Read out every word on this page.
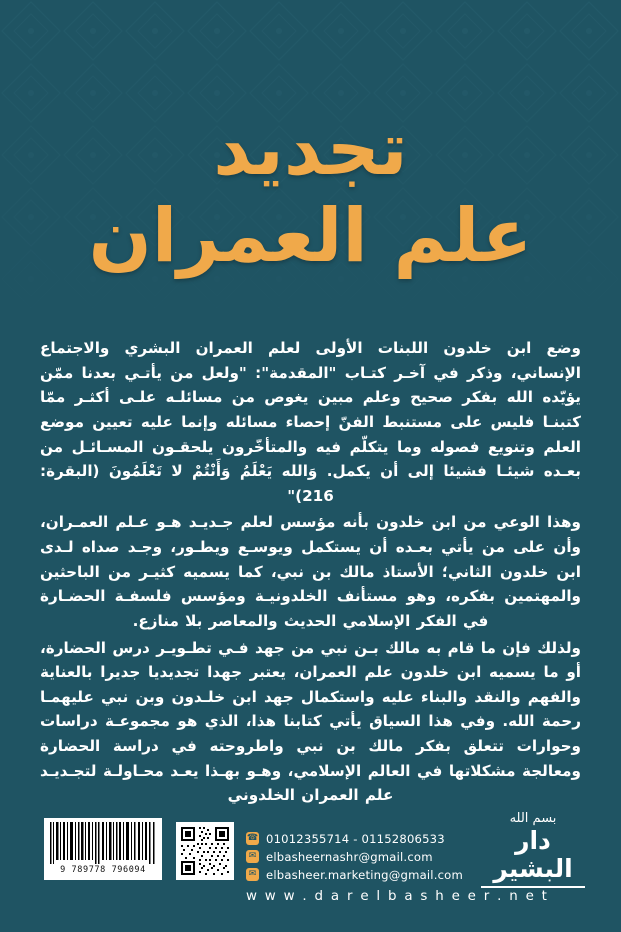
تجديد
علم العمران

وضع ابن خلدون اللبنات الأولى لعلم العمران البشري والاجتماع الإنساني، وذكر في آخـر كتـاب "المقدمة": "ولعل من يأتـي بعدنا ممّن يؤيّده الله بفكر صحيح وعلم مبين يغوص من مسائلـه علـى أكثـر ممّا كتبنـا فليس على مستنبط الفنّ إحصاء مسائله وإنما عليه تعيين موضع العلم وتنويع فصوله وما يتكلّم فيه والمتأخّرون يلحقـون المسـائـل من بعـده شيئـا فشيئا إلى أن يكمل. وَالله يَعْلَمُ وَأَنْتُمْ لا تَعْلَمُونَ (البقرة: 216)"

وهذا الوعي من ابن خلدون بأنه مؤسس لعلم جـديـد هـو عـلم العمـران، وأن على من يأتي بعـده أن يستكمل ويوسـع ويطـور، وجـد صداه لـدى ابن خلدون الثاني؛ الأستاذ مالك بن نبي، كما يسميه كثيـر من الباحثين والمهتمين بفكره، وهو مستأنف الخلدونيـة ومؤسس فلسفـة الحضـارة في الفكر الإسلامي الحديث والمعاصر بلا منازع.

ولذلك فإن ما قام به مالك بـن نبي من جهد فـي تطـويـر درس الحضارة، أو ما يسميه ابن خلدون علم العمران، يعتبر جهدا تجديديا جديرا بالعناية والفهم والنقد والبناء عليه واستكمال جهد ابن خلـدون وبن نبي عليهمـا رحمة الله. وفي هذا السياق يأتي كتابنا هذا، الذي هو مجموعـة دراسات وحوارات تتعلق بفكر مالك بن نبي واطروحته في دراسة الحضارة ومعالجة مشكلاتها في العالم الإسلامي، وهـو بهـذا يعـد محـاولـة لتجـديـد علم العمران الخلدوني

9 789778 796094
☎ 01012355714 - 01152806533
✉ elbasheernashr@gmail.com
✉ elbasheer.marketing@gmail.com
w w w . d a r e l b a s h e e r . n e t
بسم الله
دار البشير
